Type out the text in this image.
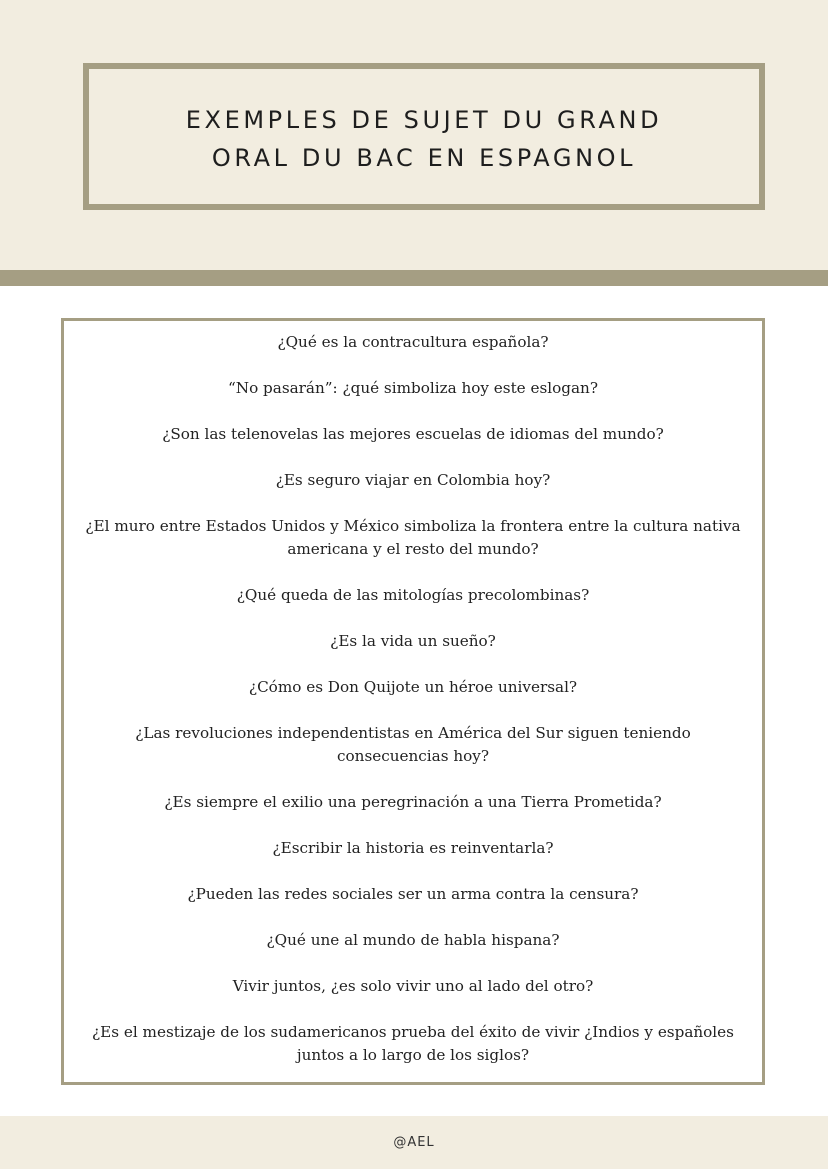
EXEMPLES DE SUJET DU GRAND
ORAL DU BAC EN ESPAGNOL
¿Qué es la contracultura española?
“No pasarán”: ¿qué simboliza hoy este eslogan?
¿Son las telenovelas las mejores escuelas de idiomas del mundo?
¿Es seguro viajar en Colombia hoy?
¿El muro entre Estados Unidos y México simboliza la frontera entre la cultura nativa americana y el resto del mundo?
¿Qué queda de las mitologías precolombinas?
¿Es la vida un sueño?
¿Cómo es Don Quijote un héroe universal?
¿Las revoluciones independentistas en América del Sur siguen teniendo consecuencias hoy?
¿Es siempre el exilio una peregrinación a una Tierra Prometida?
¿Escribir la historia es reinventarla?
¿Pueden las redes sociales ser un arma contra la censura?
¿Qué une al mundo de habla hispana?
Vivir juntos, ¿es solo vivir uno al lado del otro?
¿Es el mestizaje de los sudamericanos prueba del éxito de vivir ¿Indios y españoles juntos a lo largo de los siglos?
@AEL
